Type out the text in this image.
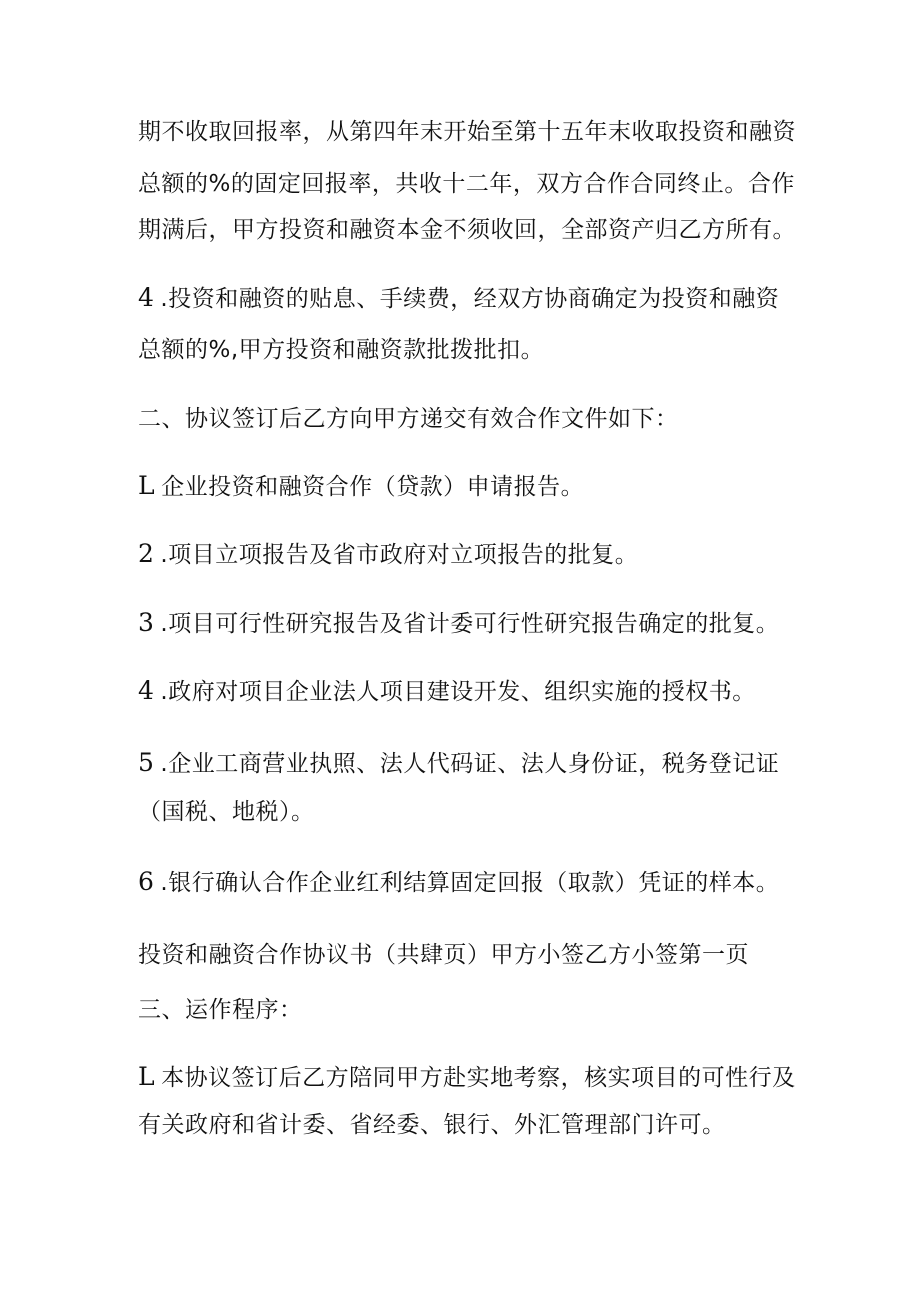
期不收取回报率，从第四年末开始至第十五年末收取投资和融资
总额的%的固定回报率，共收十二年，双方合作合同终止。合作
期满后，甲方投资和融资本金不须收回，全部资产归乙方所有。
4 .投资和融资的贴息、手续费，经双方协商确定为投资和融资
总额的%,甲方投资和融资款批拨批扣。
二、协议签订后乙方向甲方递交有效合作文件如下：
L 企业投资和融资合作（贷款）申请报告。
2 .项目立项报告及省市政府对立项报告的批复。
3 .项目可行性研究报告及省计委可行性研究报告确定的批复。
4 .政府对项目企业法人项目建设开发、组织实施的授权书。
5 .企业工商营业执照、法人代码证、法人身份证，税务登记证
（国税、地税）。
6 .银行确认合作企业红利结算固定回报（取款）凭证的样本。
投资和融资合作协议书（共肆页）甲方小签乙方小签第一页
三、运作程序：
L 本协议签订后乙方陪同甲方赴实地考察，核实项目的可性行及
有关政府和省计委、省经委、银行、外汇管理部门许可。
